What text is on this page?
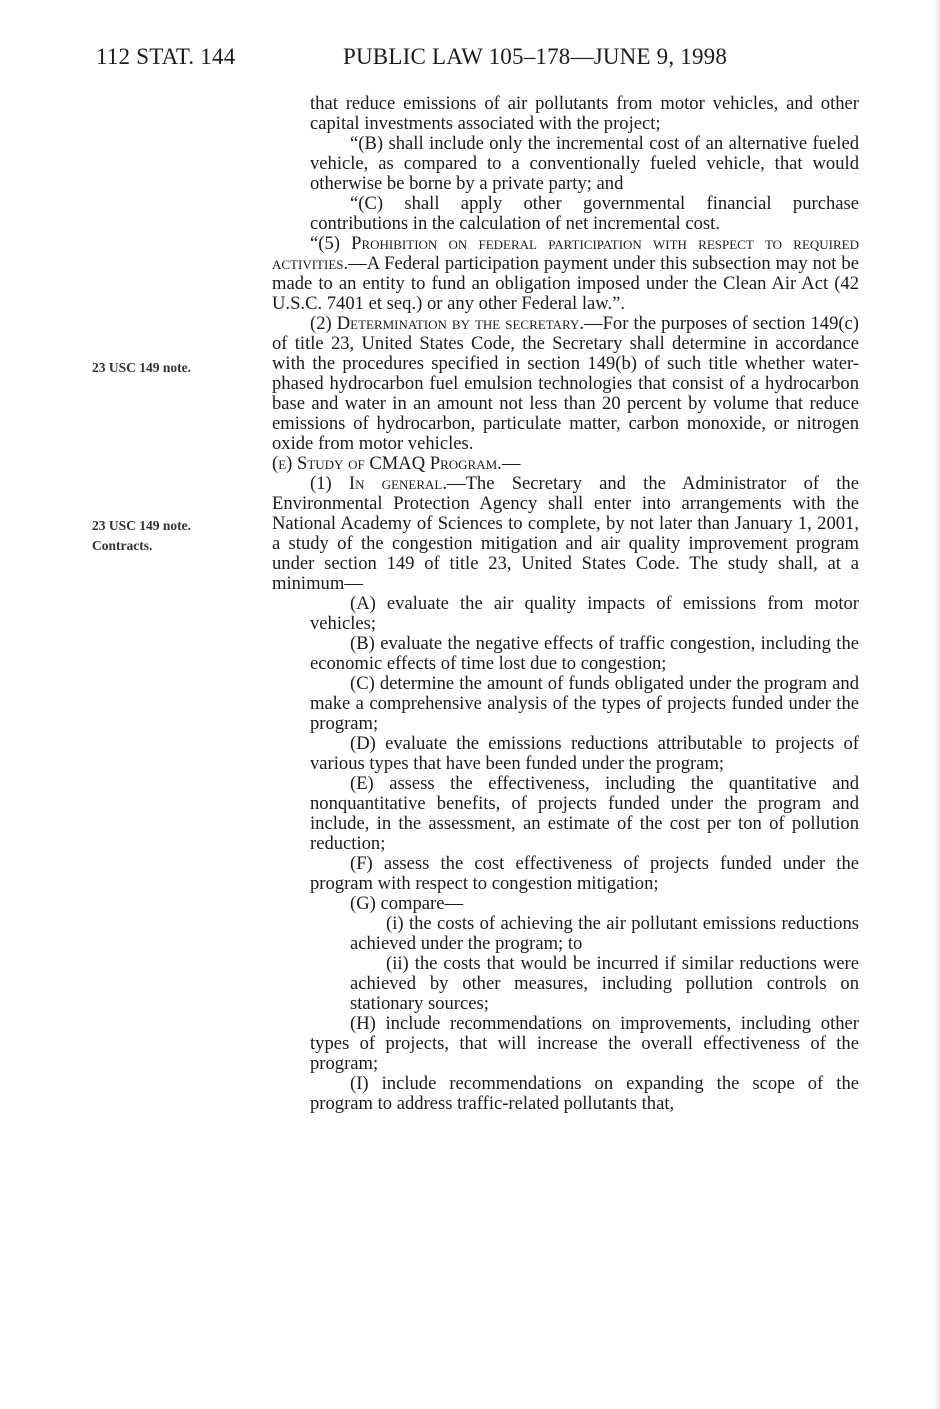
112 STAT. 144	PUBLIC LAW 105–178—JUNE 9, 1998
23 USC 149 note.
23 USC 149 note.
Contracts.

that reduce emissions of air pollutants from motor vehicles, and other capital investments associated with the project;

“(B) shall include only the incremental cost of an alternative fueled vehicle, as compared to a conventionally fueled vehicle, that would otherwise be borne by a private party; and

“(C) shall apply other governmental financial purchase contributions in the calculation of net incremental cost.

“(5) Prohibition on federal participation with respect to required activities.—A Federal participation payment under this subsection may not be made to an entity to fund an obligation imposed under the Clean Air Act (42 U.S.C. 7401 et seq.) or any other Federal law.”.

(2) Determination by the secretary.—For the purposes of section 149(c) of title 23, United States Code, the Secretary shall determine in accordance with the procedures specified in section 149(b) of such title whether water-phased hydrocarbon fuel emulsion technologies that consist of a hydrocarbon base and water in an amount not less than 20 percent by volume that reduce emissions of hydrocarbon, particulate matter, carbon monoxide, or nitrogen oxide from motor vehicles.

(e) Study of CMAQ Program.—

(1) In general.—The Secretary and the Administrator of the Environmental Protection Agency shall enter into arrangements with the National Academy of Sciences to complete, by not later than January 1, 2001, a study of the congestion mitigation and air quality improvement program under section 149 of title 23, United States Code. The study shall, at a minimum—

(A) evaluate the air quality impacts of emissions from motor vehicles;

(B) evaluate the negative effects of traffic congestion, including the economic effects of time lost due to congestion;

(C) determine the amount of funds obligated under the program and make a comprehensive analysis of the types of projects funded under the program;

(D) evaluate the emissions reductions attributable to projects of various types that have been funded under the program;

(E) assess the effectiveness, including the quantitative and nonquantitative benefits, of projects funded under the program and include, in the assessment, an estimate of the cost per ton of pollution reduction;

(F) assess the cost effectiveness of projects funded under the program with respect to congestion mitigation;

(G) compare—

(i) the costs of achieving the air pollutant emissions reductions achieved under the program; to

(ii) the costs that would be incurred if similar reductions were achieved by other measures, including pollution controls on stationary sources;

(H) include recommendations on improvements, including other types of projects, that will increase the overall effectiveness of the program;

(I) include recommendations on expanding the scope of the program to address traffic-related pollutants that,
